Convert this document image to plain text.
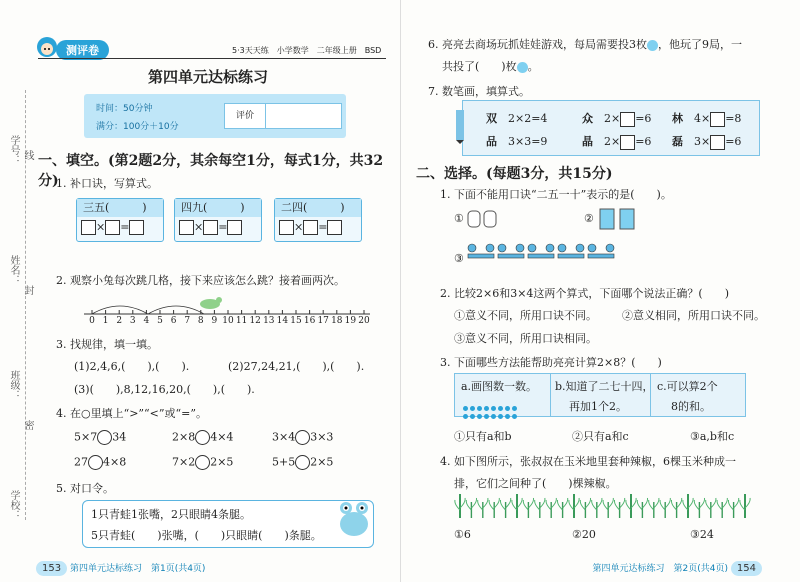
学号： 线
姓名：
封
班级：
密
学校：
测评卷	5·3天天练　小学数学　二年级上册　BSD
第四单元达标练习
时间：50分钟
满分：100分＋10分
评价
一、填空。(第2题2分，其余每空1分，每式1分，共32分)
1. 补口诀，写算式。
三五(　　　)
× =
四九(　　　)
× =
二四(　　　)
× =
2. 观察小兔每次跳几格，接下来应该怎么跳？接着画两次。
0 1 2 3 4 5 6 7 8 9 10 11 12 13 14 15 16 17 18 19 20
3. 找规律，填一填。
(1)2,4,6,(　　),(　　).	(2)27,24,21,(　　),(　　).
(3)(　　),8,12,16,20,(　　),(　　).
4. 在○里填上“>”“<”或“=”。
5×7 34	2×8 4×4	3×4 3×3
27 4×8	7×2 2×5	5+5 2×5
5. 对口令。
1只青蛙1张嘴，2只眼睛4条腿。
5只青蛙(　　)张嘴，(　　)只眼睛(　　)条腿。
153 第四单元达标练习　第1页(共4页)
6. 亮亮去商场玩抓娃娃游戏，每局需要投3枚 ，他玩了9局，一
共投了(　　)枚 。
7. 数笔画，填算式。
双　 2×2=4	众　 2× =6 林　 4× =8
品　 3×3=9	晶　 2× =6 磊　 3× =6
二、选择。(每题3分，共15分)
1. 下面不能用口诀“二五一十”表示的是(　　)。
①	②
③
2. 比较2×6和3×4这两个算式，下面哪个说法正确？(　　)
①意义不同，所用口诀不同。 ②意义相同，所用口诀不同。
③意义不同，所用口诀相同。
3. 下面哪些方法能帮助亮亮计算2×8？(　　)
a.画图数一数。 b.知道了二七十四，
再加1个2。
c.可以算2个
8的和。
①只有a和b	②只有a和c	③a,b和c
4. 如下图所示，张叔叔在玉米地里套种辣椒，6棵玉米种成一
排，它们之间种了(　　)棵辣椒。
①6	②20	③24
第四单元达标练习　第2页(共4页) 154
